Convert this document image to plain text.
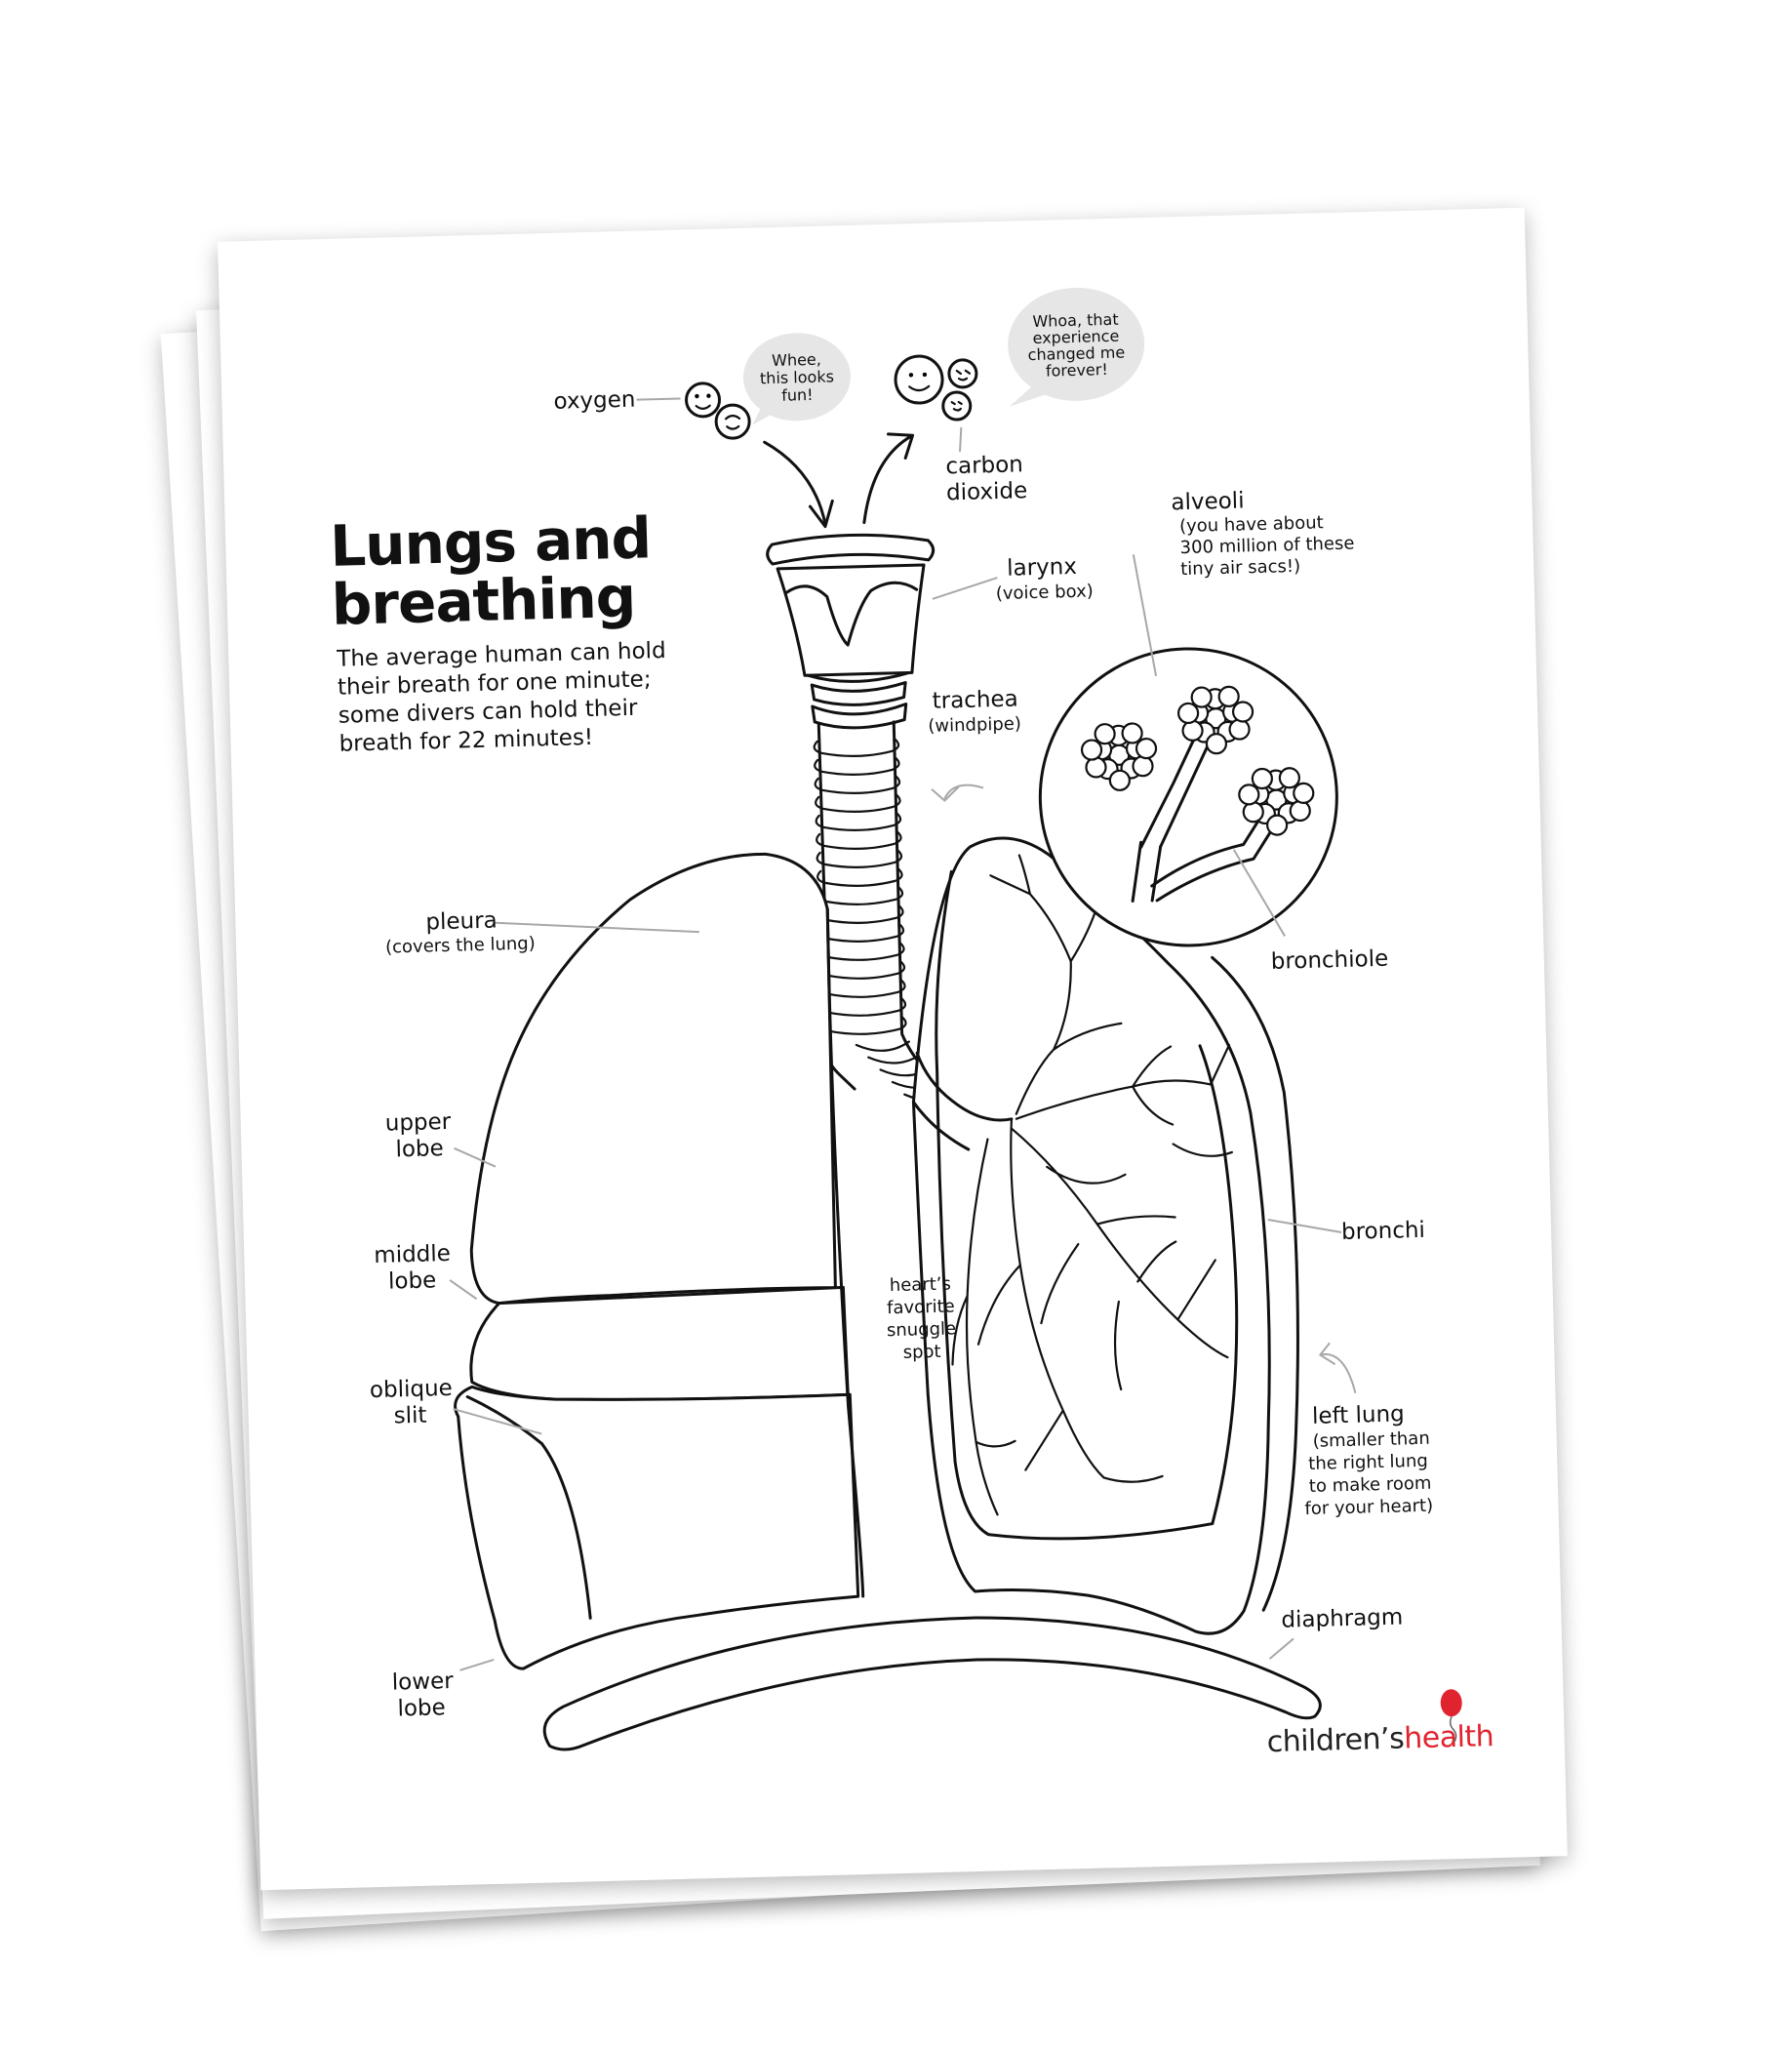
Lungs and
breathing
The average human can hold
their breath for one minute;
some divers can hold their
breath for 22 minutes!
Whee,
this looks
fun!
oxygen
Whoa, that
experience
changed me
forever!
carbon
dioxide
larynx
(voice box)
trachea
(windpipe)
alveoli
(you have about
300 million of these
tiny air sacs!)
pleura
(covers the lung)
bronchiole
upper
lobe
middle
lobe
bronchi
heart’s
favorite
snuggle
spot
oblique
slit	left lung
(smaller than
the right lung
to make room
for your heart)
diaphragm
lower
lobe
children’shealth
